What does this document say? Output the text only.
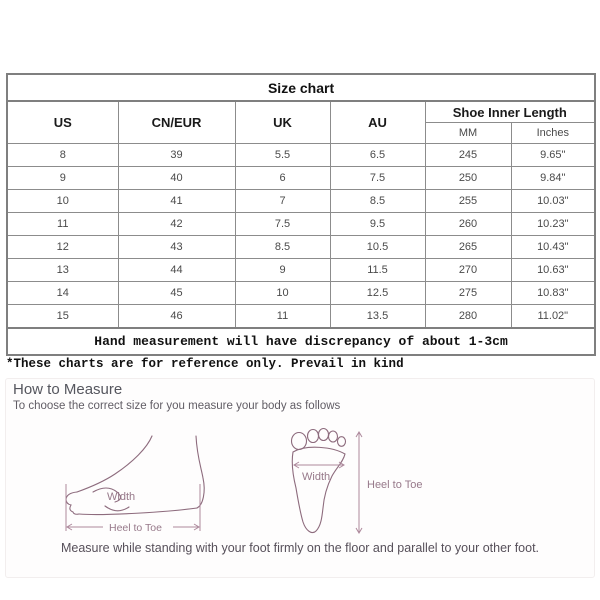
Size chart					
US	CN/EUR	UK	AU	Shoe Inner Length	
				MM	Inches
8	39	5.5	6.5	245	9.65"
9	40	6	7.5	250	9.84"
10	41	7	8.5	255	10.03"
11	42	7.5	9.5	260	10.23"
12	43	8.5	10.5	265	10.43"
13	44	9	11.5	270	10.63"
14	45	10	12.5	275	10.83"
15	46	11	13.5	280	11.02"
Hand measurement will have discrepancy of about 1-3cm					
*These charts are for reference only. Prevail in kind
How to Measure
To choose the correct size for you measure your body as follows
Width
Heel to Toe
Width
Heel to Toe
Measure while standing with your foot firmly on the floor and parallel to your other foot.
